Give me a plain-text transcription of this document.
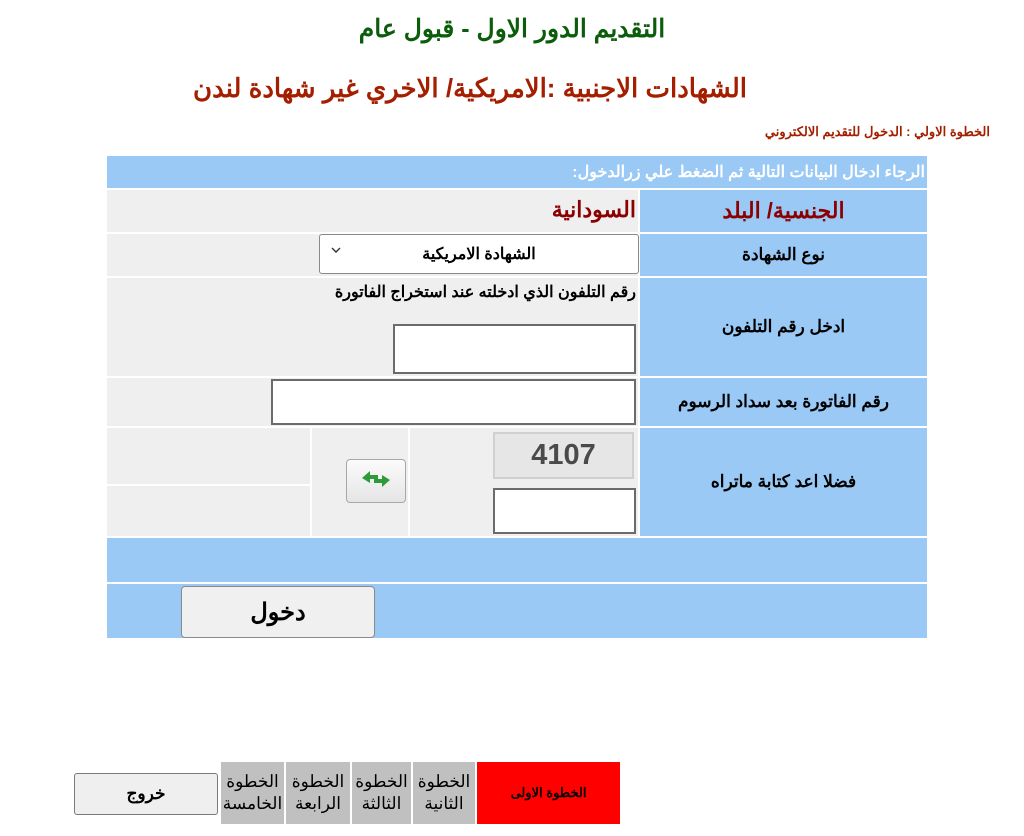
التقديم الدور الاول - قبول عام
الشهادات الاجنبية :الامريكية/ الاخري غير شهادة لندن
الخطوة الاولي : الدخول للتقديم الالكتروني
الرجاء ادخال البيانات التالية ثم الضغط علي زرالدخول:
السودانية	الجنسية/ البلد
الشهادة الامريكية	نوع الشهادة
رقم التلفون الذي ادخلته عند استخراج الفاتورة
ادخل رقم التلفون
رقم الفاتورة بعد سداد الرسوم
4107
فضلا اعد كتابة ماتراه
دخول
خروج
الخطوة الخامسة
الخطوة الرابعة
الخطوة الثالثة
الخطوة الثانية
الخطوة الاولى
